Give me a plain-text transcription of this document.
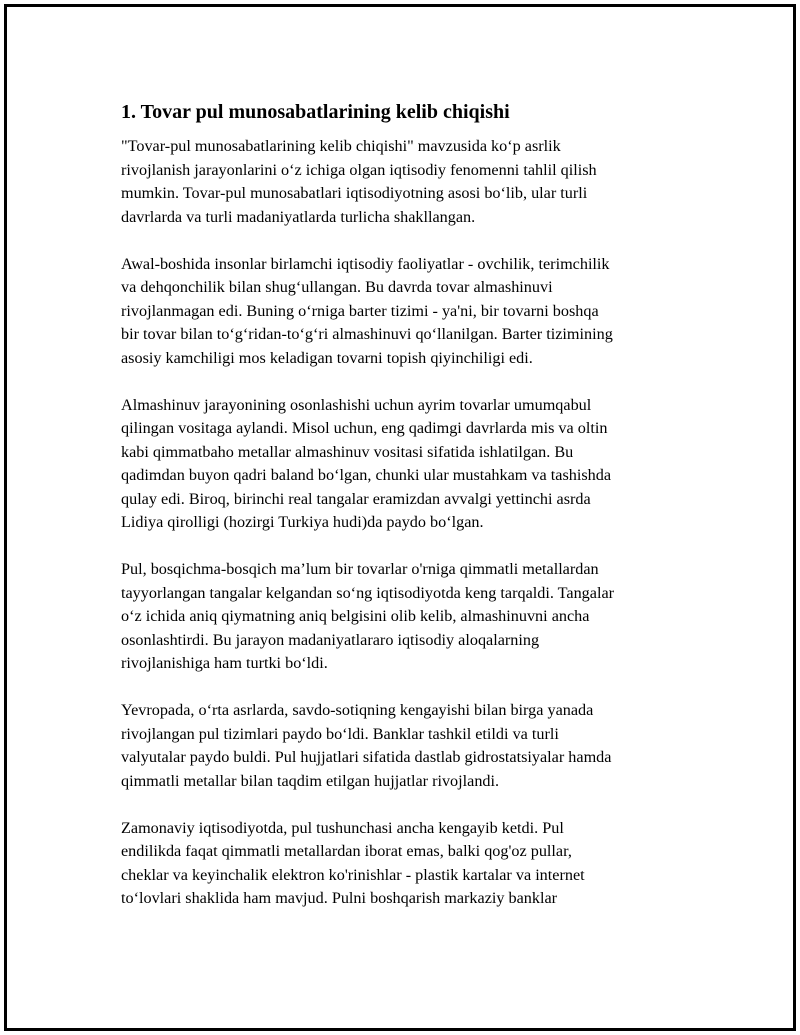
1. Tovar pul munosabatlarining kelib chiqishi

"Tovar-pul munosabatlarining kelib chiqishi" mavzusida koʻp asrlik
rivojlanish jarayonlarini oʻz ichiga olgan iqtisodiy fenomenni tahlil qilish
mumkin. Tovar-pul munosabatlari iqtisodiyotning asosi boʻlib, ular turli
davrlarda va turli madaniyatlarda turlicha shakllangan.

Awal-boshida insonlar birlamchi iqtisodiy faoliyatlar - ovchilik, terimchilik
va dehqonchilik bilan shugʻullangan. Bu davrda tovar almashinuvi
rivojlanmagan edi. Buning oʻrniga barter tizimi - ya'ni, bir tovarni boshqa
bir tovar bilan toʻgʻridan-toʻgʻri almashinuvi qoʻllanilgan. Barter tizimining
asosiy kamchiligi mos keladigan tovarni topish qiyinchiligi edi.

Almashinuv jarayonining osonlashishi uchun ayrim tovarlar umumqabul
qilingan vositaga aylandi. Misol uchun, eng qadimgi davrlarda mis va oltin
kabi qimmatbaho metallar almashinuv vositasi sifatida ishlatilgan. Bu
qadimdan buyon qadri baland boʻlgan, chunki ular mustahkam va tashishda
qulay edi. Biroq, birinchi real tangalar eramizdan avvalgi yettinchi asrda
Lidiya qirolligi (hozirgi Turkiya hudi)da paydo boʻlgan.

Pul, bosqichma-bosqich maʼlum bir tovarlar o'rniga qimmatli metallardan
tayyorlangan tangalar kelgandan soʻng iqtisodiyotda keng tarqaldi. Tangalar
oʻz ichida aniq qiymatning aniq belgisini olib kelib, almashinuvni ancha
osonlashtirdi. Bu jarayon madaniyatlararo iqtisodiy aloqalarning
rivojlanishiga ham turtki boʻldi.

Yevropada, oʻrta asrlarda, savdo-sotiqning kengayishi bilan birga yanada
rivojlangan pul tizimlari paydo boʻldi. Banklar tashkil etildi va turli
valyutalar paydo buldi. Pul hujjatlari sifatida dastlab gidrostatsiyalar hamda
qimmatli metallar bilan taqdim etilgan hujjatlar rivojlandi.

Zamonaviy iqtisodiyotda, pul tushunchasi ancha kengayib ketdi. Pul
endilikda faqat qimmatli metallardan iborat emas, balki qog'oz pullar,
cheklar va keyinchalik elektron ko'rinishlar - plastik kartalar va internet
toʻlovlari shaklida ham mavjud. Pulni boshqarish markaziy banklar
